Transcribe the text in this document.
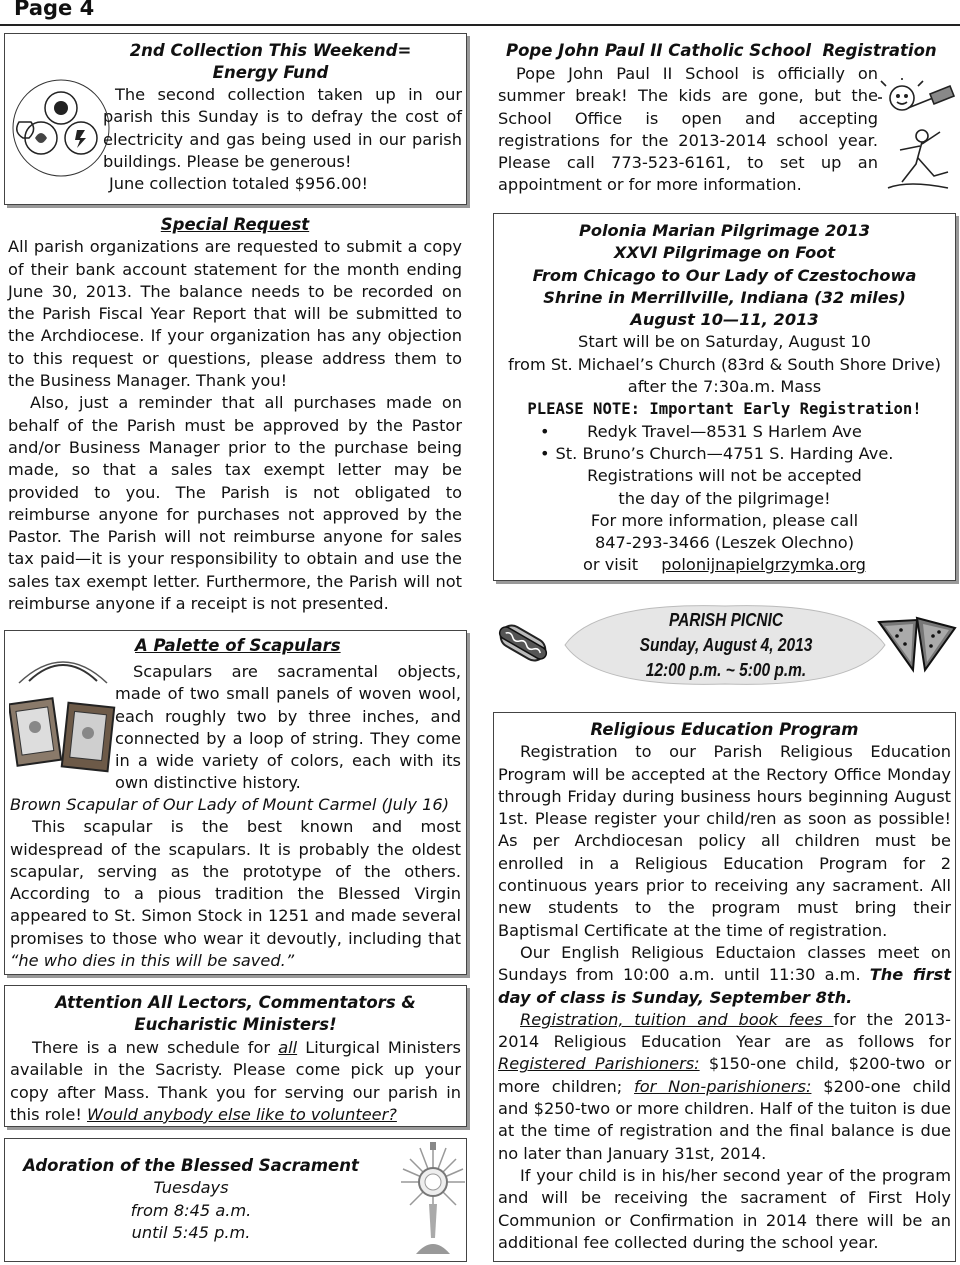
Page 4
2nd Collection This Weekend=
Energy Fund

The second collection taken up in our parish this Sunday is to defray the cost of electricity and gas being used in our parish buildings. Please be generous!

June collection totaled $956.00!

Special Request

All parish organizations are requested to submit a copy of their bank account statement for the month ending June 30, 2013. The balance needs to be recorded on the Parish Fiscal Year Report that will be submitted to the Archdiocese. If your organization has any objection to this request or questions, please address them to the Business Manager. Thank you!

Also, just a reminder that all purchases made on behalf of the Parish must be approved by the Pastor and/or Business Manager prior to the purchase being made, so that a sales tax exempt letter may be provided to you. The Parish is not obligated to reimburse anyone for purchases not approved by the Pastor. The Parish will not reimburse anyone for sales tax paid—it is your responsibility to obtain and use the sales tax exempt letter. Furthermore, the Parish will not reimburse anyone if a receipt is not presented.

A Palette of Scapulars

Scapulars are sacramental objects, made of two small panels of woven wool, each roughly two by three inches, and connected by a loop of string. They come in a wide variety of colors, each with its own distinctive history.

Brown Scapular of Our Lady of Mount Carmel (July 16)

This scapular is the best known and most widespread of the scapulars. It is probably the oldest scapular, serving as the prototype of the others. According to a pious tradition the Blessed Virgin appeared to St. Simon Stock in 1251 and made several promises to those who wear it devoutly, including that “he who dies in this will be saved.”

Attention All Lectors, Commentators &
Eucharistic Ministers!

There is a new schedule for all Liturgical Ministers available in the Sacristy. Please come pick up your copy after Mass. Thank you for serving our parish in this role! Would anybody else like to volunteer?

Adoration of the Blessed Sacrament
Tuesdays
from 8:45 a.m.
until 5:45 p.m.
Pope John Paul II Catholic School  Registration

Pope John Paul II School is officially on summer break! The kids are gone, but the School Office is open and accepting registrations for the 2013-2014 school year. Please call 773-523-6161, to set up an appointment or for more information.

Polonia Marian Pilgrimage 2013
XXVI Pilgrimage on Foot
From Chicago to Our Lady of Czestochowa
Shrine in Merrillville, Indiana (32 miles)
August 10—11, 2013
Start will be on Saturday, August 10
from St. Michael’s Church (83rd & South Shore Drive)
after the 7:30a.m. Mass
PLEASE NOTE: Important Early Registration!
• Redyk Travel—8531 S Harlem Ave
• St. Bruno’s Church—4751 S. Harding Ave.
Registrations will not be accepted
the day of the pilgrimage!
For more information, please call
847-293-3466 (Leszek Olechno)
or visit polonijnapielgrzymka.org
PARISH PICNIC
Sunday, August 4, 2013
12:00 p.m. ~ 5:00 p.m.
Religious Education Program

Registration to our Parish Religious Education Program will be accepted at the Rectory Office Monday through Friday during business hours beginning August 1st. Please register your child/ren as soon as possible! As per Archdiocesan policy all children must be enrolled in a Religious Education Program for 2 continuous years prior to receiving any sacrament. All new students to the program must bring their Baptismal Certificate at the time of registration.

Our English Religious Eductaion classes meet on Sundays from 10:00 a.m. until 11:30 a.m. The first day of class is Sunday, September 8th.

Registration, tuition and book fees for the 2013-2014 Religious Education Year are as follows for Registered Parishioners: $150-one child, $200-two or more children; for Non-parishioners: $200-one child and $250-two or more children. Half of the tuiton is due at the time of registration and the final balance is due no later than January 31st, 2014.

If your child is in his/her second year of the program and will be receiving the sacrament of First Holy Communion or Confirmation in 2014 there will be an additional fee collected during the school year.
